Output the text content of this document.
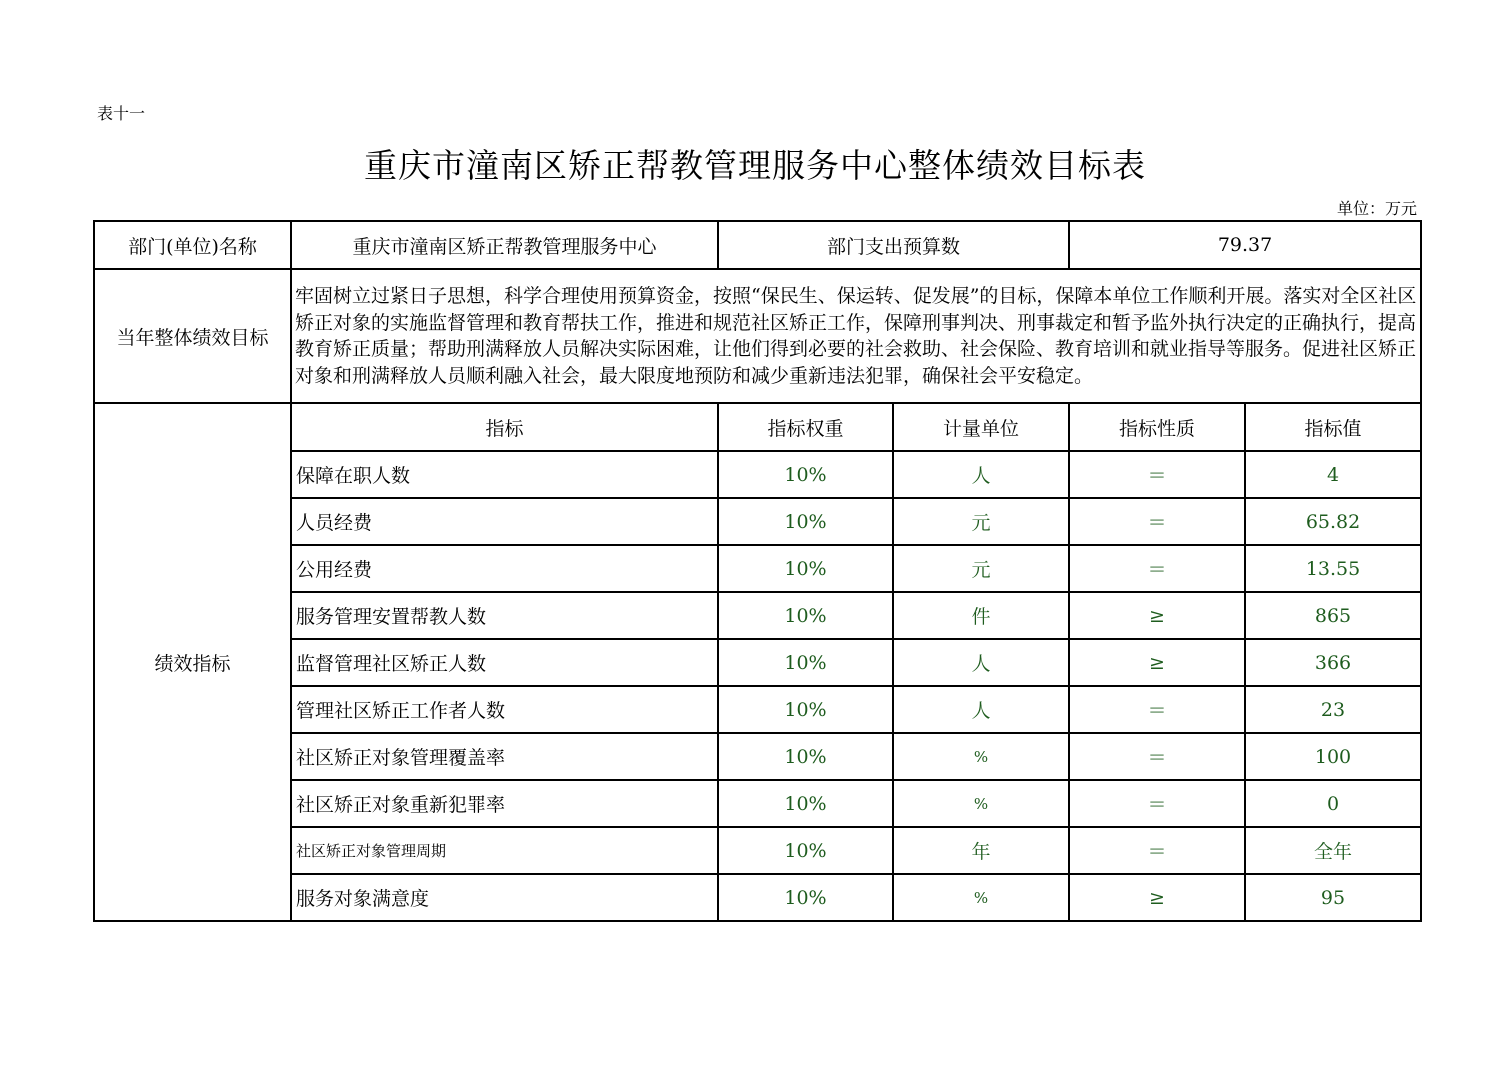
表十一
重庆市潼南区矫正帮教管理服务中心整体绩效目标表
单位：万元
部门(单位)名称	重庆市潼南区矫正帮教管理服务中心	部门支出预算数		79.37	
当年整体绩效目标	牢固树立过紧日子思想，科学合理使用预算资金，按照“保民生、保运转、促发展”的目标，保障本单位工作顺利开展。落实对全区社区矫正对象的实施监督管理和教育帮扶工作，推进和规范社区矫正工作，保障刑事判决、刑事裁定和暂予监外执行决定的正确执行，提高教育矫正质量；帮助刑满释放人员解决实际困难，让他们得到必要的社会救助、社会保险、教育培训和就业指导等服务。促进社区矫正对象和刑满释放人员顺利融入社会，最大限度地预防和减少重新违法犯罪，确保社会平安稳定。				
绩效指标	指标	指标权重	计量单位	指标性质	指标值
	保障在职人数	10%	人	＝	4
	人员经费	10%	元	＝	65.82
	公用经费	10%	元	＝	13.55
	服务管理安置帮教人数	10%	件	≥	865
	监督管理社区矫正人数	10%	人	≥	366
	管理社区矫正工作者人数	10%	人	＝	23
	社区矫正对象管理覆盖率	10%	%	＝	100
	社区矫正对象重新犯罪率	10%	%	＝	0
	社区矫正对象管理周期	10%	年	＝	全年
	服务对象满意度	10%	%	≥	95
